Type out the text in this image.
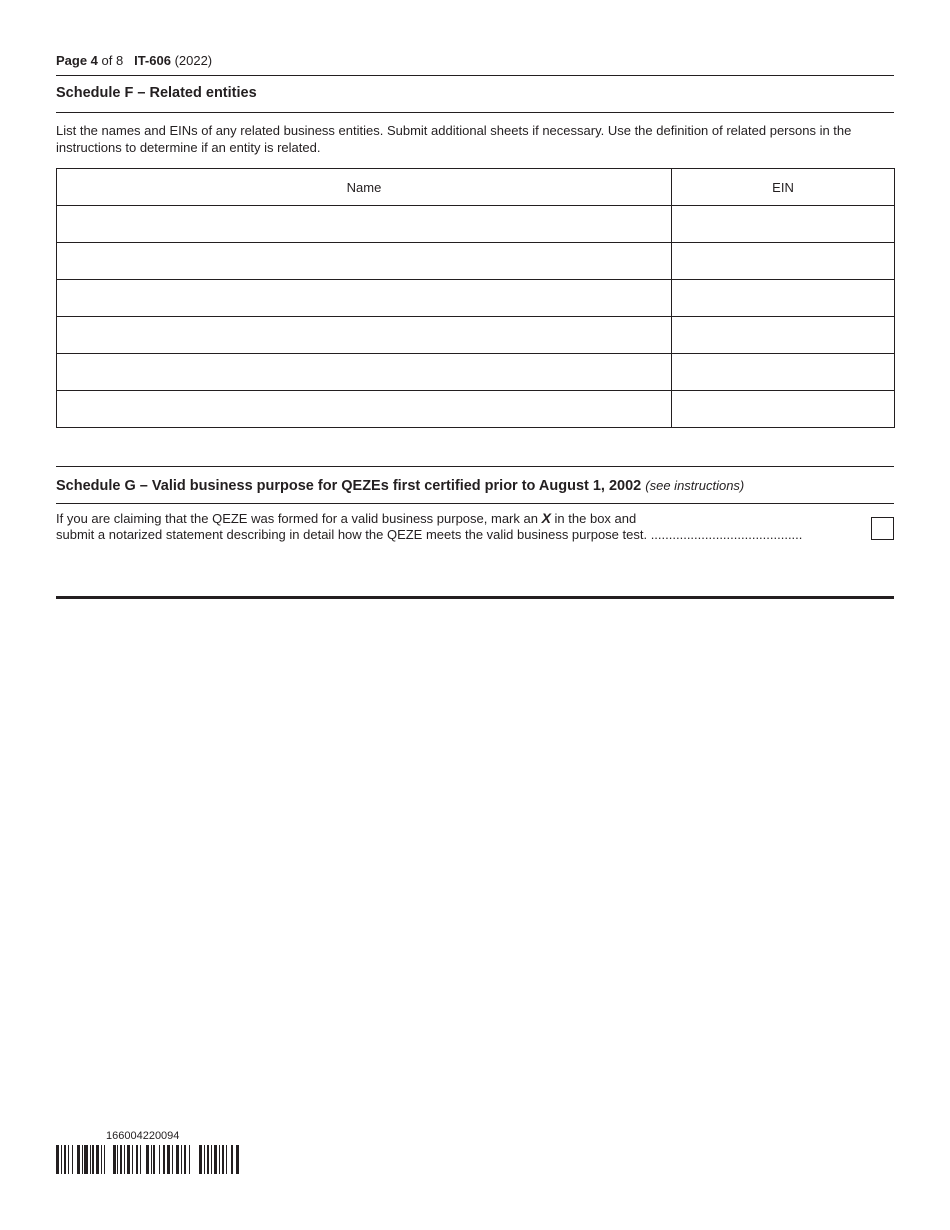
Page 4 of 8 IT-606 (2022)
Schedule F – Related entities
List the names and EINs of any related business entities. Submit additional sheets if necessary. Use the definition of related persons in the instructions to determine if an entity is related.
Name	EIN

Schedule G – Valid business purpose for QEZEs first certified prior to August 1, 2002 (see instructions)
If you are claiming that the QEZE was formed for a valid business purpose, mark an X in the box and
submit a notarized statement describing in detail how the QEZE meets the valid business purpose test. ..........................................
166004220094
